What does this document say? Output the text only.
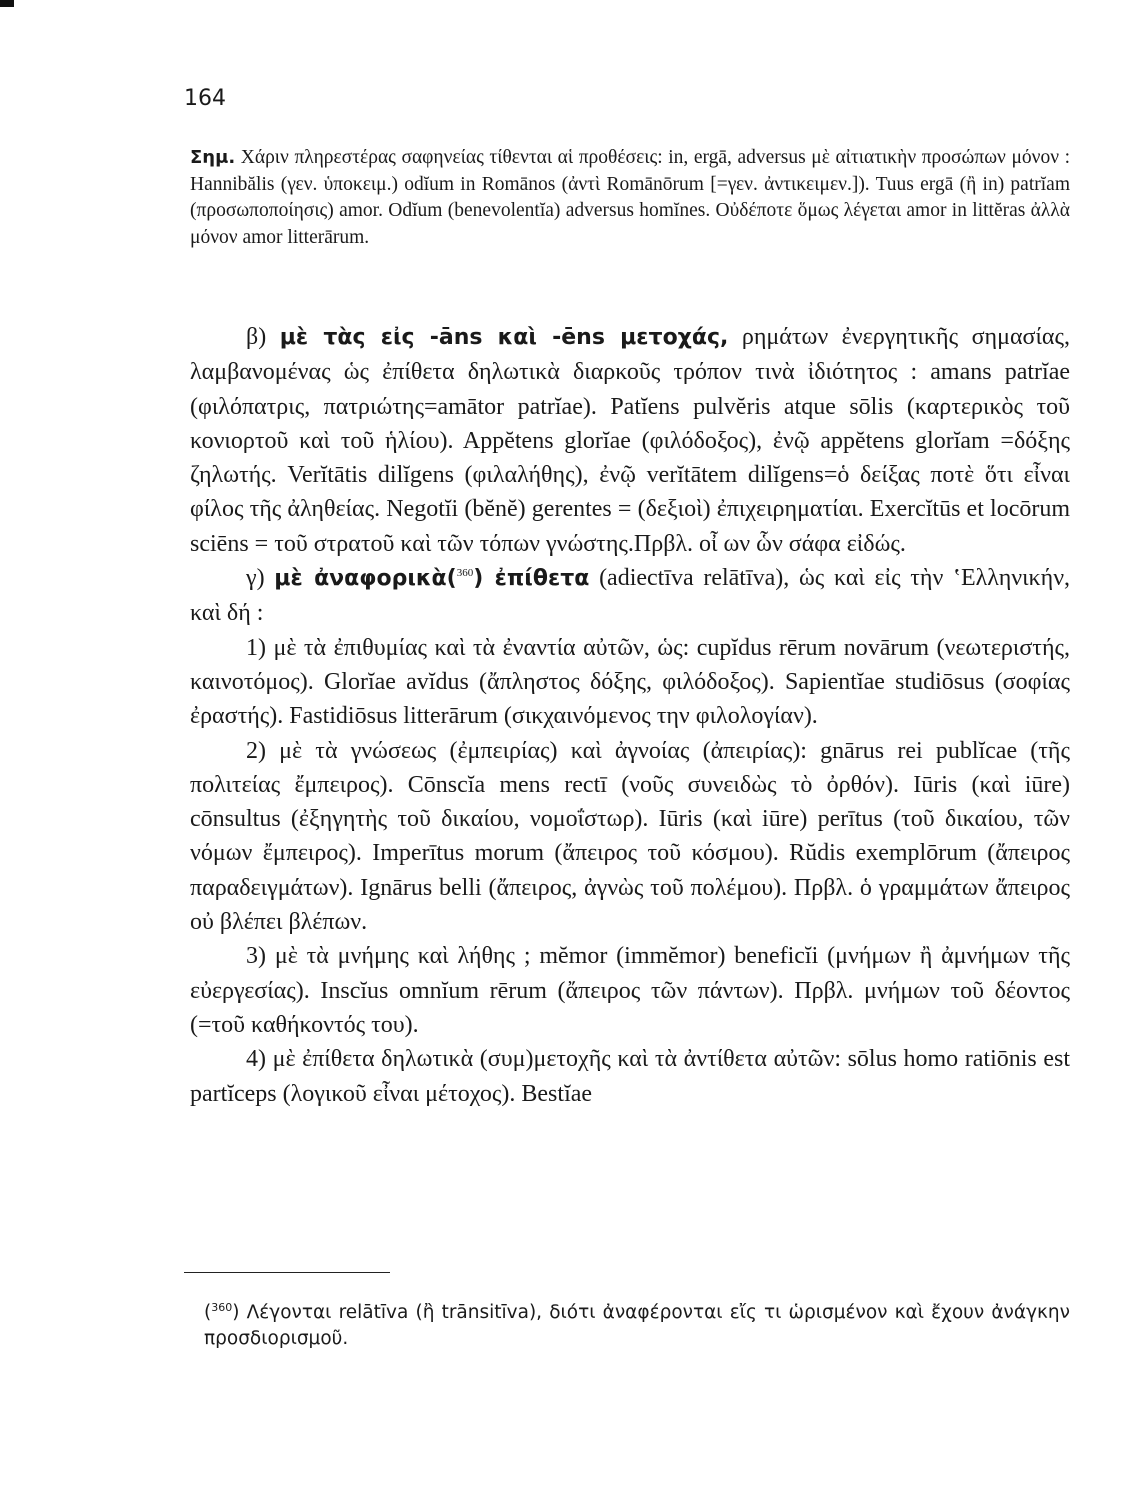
164

Σημ. Χάριν πληρεστέρας σαφηνείας τίθενται αἱ προθέσεις: in, ergā, adversus μὲ αἰτιατικὴν προσώπων μόνον : Hannibălis (γεν. ὑποκειμ.) odĭum in Romānos (ἀντὶ Romānōrum [=γεν. ἀντικειμεν.]). Tuus ergā (ἢ in) patrĭam (προσωποποίησις) amor. Odĭum (benevolentĭa) adversus homĭnes. Οὐδέποτε ὅμως λέγεται amor in littĕras ἀλλὰ μόνον amor litterārum.

β) μὲ τὰς εἰς -āns καὶ -ēns μετοχάς, ρημάτων ἐνεργητικῆς σημασίας, λαμβανομένας ὡς ἐπίθετα δηλωτικὰ διαρκοῦς τρόπον τινὰ ἰδιότητος : amans patrĭae (φιλόπατρις, πατριώτης=amātor patrĭae). Patĭens pulvĕris atque sōlis (καρτερικὸς τοῦ κονιορτοῦ καὶ τοῦ ἡλίου). Appĕtens glorĭae (φιλόδοξος), ἐνῷ appĕtens glorĭam =δόξης ζηλωτής. Verĭtātis dilĭgens (φιλαλήθης), ἐνῷ verĭtātem dilĭgens=ὁ δείξας ποτὲ ὅτι εἶναι φίλος τῆς ἀληθείας. Negotĭi (bĕnĕ) gerentes = (δεξιοὶ) ἐπιχειρηματίαι. Exercĭtūs et locōrum sciēns = τοῦ στρατοῦ καὶ τῶν τόπων γνώστης.Πρβλ. οἶ ων ὧν σάφα εἰδώς.

γ) μὲ ἀναφορικὰ($^{360}$) ἐπίθετα (adiectīva relātīva), ὡς καὶ εἰς τὴν ʽΕλληνικήν, καὶ δή :

1) μὲ τὰ ἐπιθυμίας καὶ τὰ ἐναντία αὐτῶν, ὡς: cupĭdus rērum novārum (νεωτεριστής, καινοτόμος). Glorĭae avĭdus (ἄπληστος δόξης, φιλόδοξος). Sapientĭae studiōsus (σοφίας ἐραστής). Fastidiōsus litterārum (σικχαινόμενος την φιλολογίαν).

2) μὲ τὰ γνώσεως (ἐμπειρίας) καὶ ἀγνοίας (ἀπειρίας): gnārus rei publĭcae (τῆς πολιτείας ἔμπειρος). Cōnscĭa mens rectī (νοῦς συνειδὼς τὸ ὀρθόν). Iūris (καὶ iūre) cōnsultus (ἐξηγητὴς τοῦ δικαίου, νομοΐστωρ). Iūris (καὶ iūre) perītus (τοῦ δικαίου, τῶν νόμων ἔμπειρος). Imperītus morum (ἄπειρος τοῦ κόσμου). Rŭdis exemplōrum (ἄπειρος παραδειγμάτων). Ignārus belli (ἄπειρος, ἀγνὼς τοῦ πολέμου). Πρβλ. ὁ γραμμάτων ἄπειρος οὐ βλέπει βλέπων.

3) μὲ τὰ μνήμης καὶ λήθης ; mĕmor (immĕmor) beneficĭi (μνήμων ἢ ἀμνήμων τῆς εὐεργεσίας). Inscĭus omnĭum rērum (ἄπειρος τῶν πάντων). Πρβλ. μνήμων τοῦ δέοντος (=τοῦ καθήκοντός του).

4) μὲ ἐπίθετα δηλωτικὰ (συμ)μετοχῆς καὶ τὰ ἀντίθετα αὐτῶν: sōlus homo ratiōnis est partĭceps (λογικοῦ εἶναι μέτοχος). Bestĭae

($^{360}$) Λέγονται relātīva (ἢ trānsitīva), διότι ἀναφέρονται εἴς τι ὡρισμένον καὶ ἔχουν ἀνάγκην προσδιορισμοῦ.
